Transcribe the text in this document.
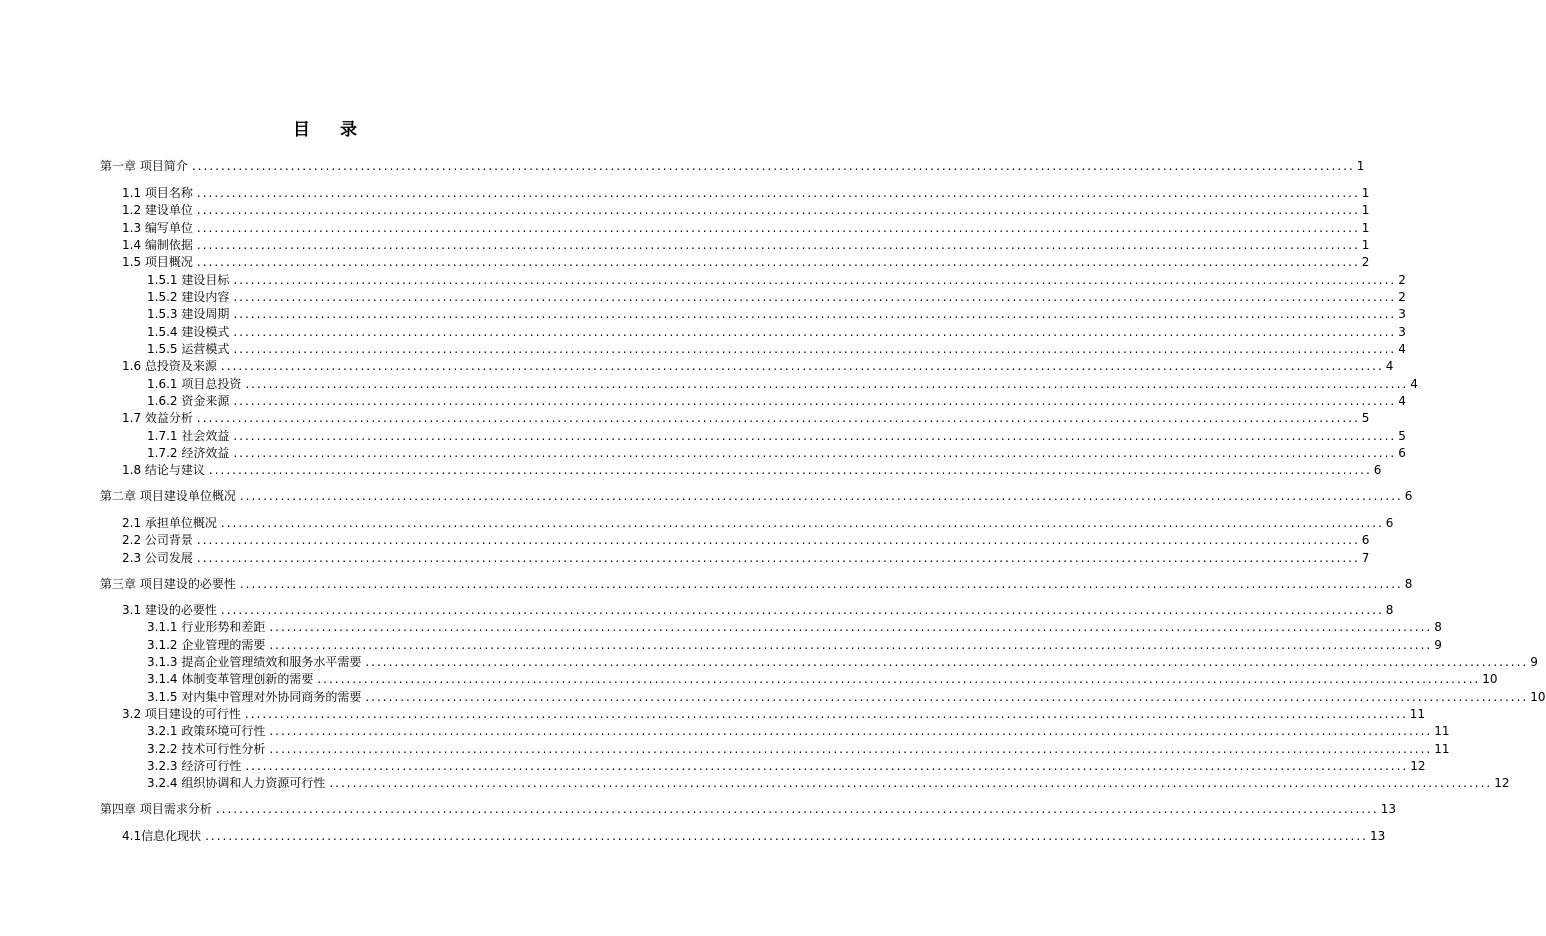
目 录
第一章 项目简介 ........................................................................................................................................................................................................ 1
1.1 项目名称 ........................................................................................................................................................................................................ 1
1.2 建设单位 ........................................................................................................................................................................................................ 1
1.3 编写单位 ........................................................................................................................................................................................................ 1
1.4 编制依据 ........................................................................................................................................................................................................ 1
1.5 项目概况 ........................................................................................................................................................................................................ 2
1.5.1 建设目标 ........................................................................................................................................................................................................ 2
1.5.2 建设内容 ........................................................................................................................................................................................................ 2
1.5.3 建设周期 ........................................................................................................................................................................................................ 3
1.5.4 建设模式 ........................................................................................................................................................................................................ 3
1.5.5 运营模式 ........................................................................................................................................................................................................ 4
1.6 总投资及来源 ........................................................................................................................................................................................................ 4
1.6.1 项目总投资 ........................................................................................................................................................................................................ 4
1.6.2 资金来源 ........................................................................................................................................................................................................ 4
1.7 效益分析 ........................................................................................................................................................................................................ 5
1.7.1 社会效益 ........................................................................................................................................................................................................ 5
1.7.2 经济效益 ........................................................................................................................................................................................................ 6
1.8 结论与建议 ........................................................................................................................................................................................................ 6
第二章 项目建设单位概况 ........................................................................................................................................................................................................ 6
2.1 承担单位概况 ........................................................................................................................................................................................................ 6
2.2 公司背景 ........................................................................................................................................................................................................ 6
2.3 公司发展 ........................................................................................................................................................................................................ 7
第三章 项目建设的必要性 ........................................................................................................................................................................................................ 8
3.1 建设的必要性 ........................................................................................................................................................................................................ 8
3.1.1 行业形势和差距 ........................................................................................................................................................................................................ 8
3.1.2 企业管理的需要 ........................................................................................................................................................................................................ 9
3.1.3 提高企业管理绩效和服务水平需要 ........................................................................................................................................................................................................ 9
3.1.4 体制变革管理创新的需要 ........................................................................................................................................................................................................ 10
3.1.5 对内集中管理对外协同商务的需要 ........................................................................................................................................................................................................ 10
3.2 项目建设的可行性 ........................................................................................................................................................................................................ 11
3.2.1 政策环境可行性 ........................................................................................................................................................................................................ 11
3.2.2 技术可行性分析 ........................................................................................................................................................................................................ 11
3.2.3 经济可行性 ........................................................................................................................................................................................................ 12
3.2.4 组织协调和人力资源可行性 ........................................................................................................................................................................................................ 12
第四章 项目需求分析 ........................................................................................................................................................................................................ 13
4.1信息化现状 ........................................................................................................................................................................................................ 13
